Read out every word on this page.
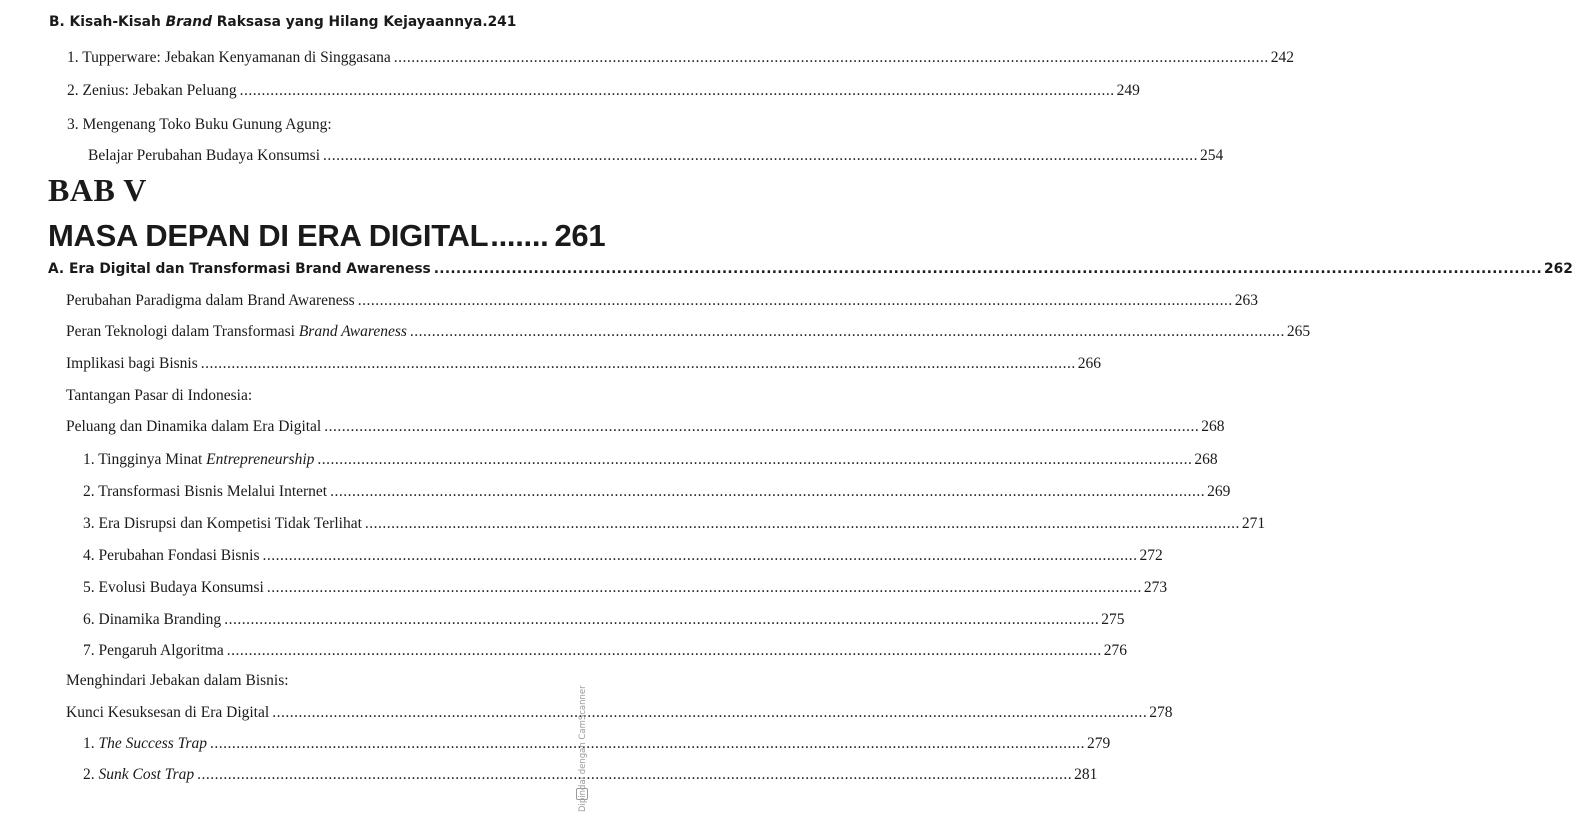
B. Kisah-Kisah Brand Raksasa yang Hilang Kejayaannya .241
1. Tupperware: Jebakan Kenyamanan di Singgasana .....	242
2. Zenius: Jebakan Peluang .....	249
3. Mengenang Toko Buku Gunung Agung:
Belajar Perubahan Budaya Konsumsi .....	254
BAB V
MASA DEPAN DI ERA DIGITAL ....... 261
A. Era Digital dan Transformasi Brand Awareness .....	262
Perubahan Paradigma dalam Brand Awareness .....	263
Peran Teknologi dalam Transformasi Brand Awareness .....	265
Implikasi bagi Bisnis .....	266
Tantangan Pasar di Indonesia:
Peluang dan Dinamika dalam Era Digital .....	268
1. Tingginya Minat Entrepreneurship .....	268
2. Transformasi Bisnis Melalui Internet .....	269
3. Era Disrupsi dan Kompetisi Tidak Terlihat .....	271
4. Perubahan Fondasi Bisnis .....	272
5. Evolusi Budaya Konsumsi .....	273
6. Dinamika Branding .....	275
7. Pengaruh Algoritma .....	276
Menghindari Jebakan dalam Bisnis:
Kunci Kesuksesan di Era Digital .....	278
1. The Success Trap .....	279
2. Sunk Cost Trap .....	281
Dipindai dengan CamScanner
